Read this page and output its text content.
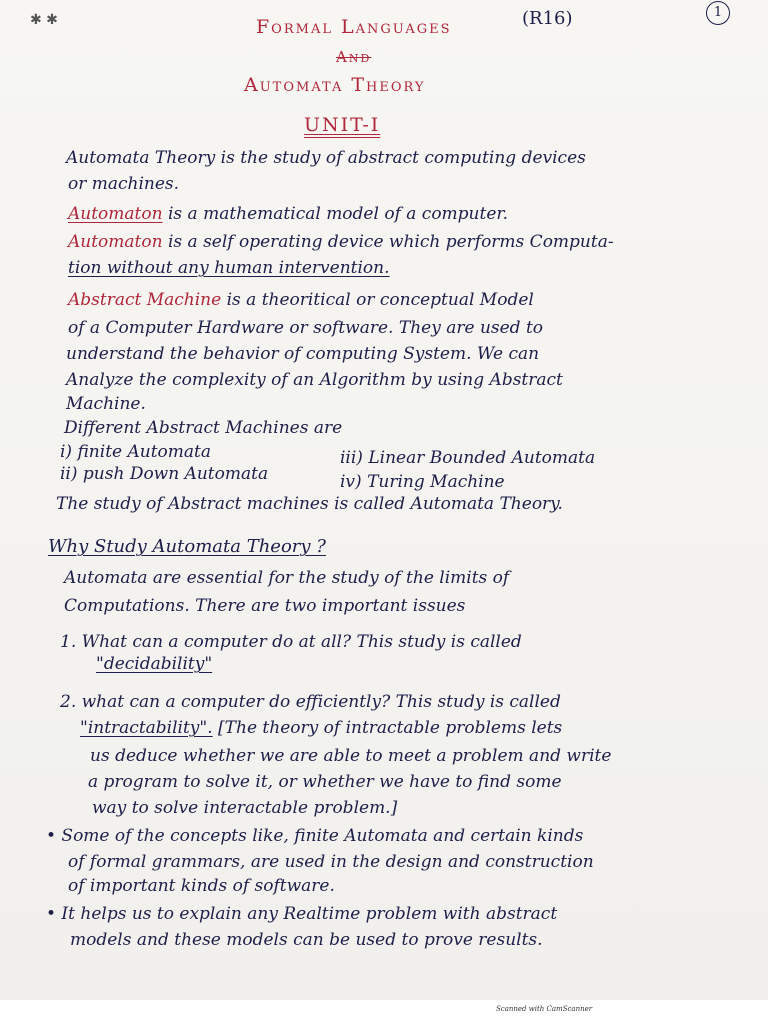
✱ ✱	Formal Languages	(R16)	1
And
Automata Theory
UNIT-I
Automata Theory is the study of abstract computing devices
or machines.
Automaton is a mathematical model of a computer.
Automaton is a self operating device which performs Computa-
tion without any human intervention.
Abstract Machine is a theoritical or conceptual Model
of a Computer Hardware or software. They are used to
understand the behavior of computing System. We can
Analyze the complexity of an Algorithm by using Abstract
Machine.
Different Abstract Machines are
i) finite Automata	iii) Linear Bounded Automata
ii) push Down Automata	iv) Turing Machine
The study of Abstract machines is called Automata Theory.
Why Study Automata Theory ?
Automata are essential for the study of the limits of
Computations. There are two important issues
1. What can a computer do at all? This study is called
"decidability"
2. what can a computer do efficiently? This study is called
"intractability". [The theory of intractable problems lets
us deduce whether we are able to meet a problem and write
a program to solve it, or whether we have to find some
way to solve interactable problem.]
• Some of the concepts like, finite Automata and certain kinds
of formal grammars, are used in the design and construction
of important kinds of software.
• It helps us to explain any Realtime problem with abstract
models and these models can be used to prove results.
Scanned with CamScanner
